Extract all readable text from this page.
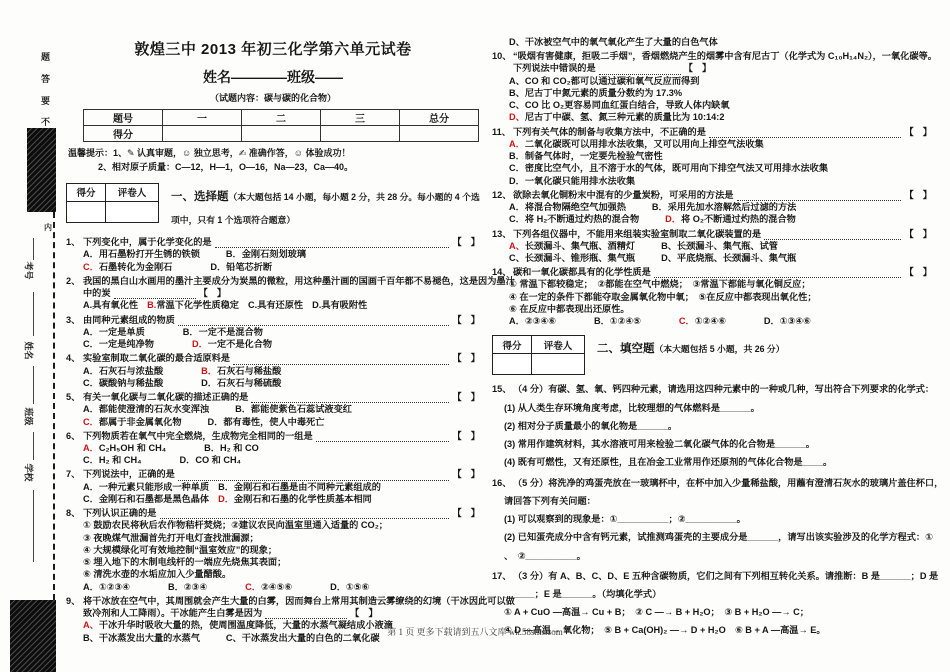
题
答
要
不
内
考号
姓名
班级
学校
敦煌三中 2013 年初三化学第六单元试卷
姓名————班级——
（试题内容：碳与碳的化合物）
题号	一	二	三	总分
得分				
温馨提示：1、✎ 认真审题，☺ 独立思考，✍ 准确作答，☺ 体验成功！
2、相对原子质量：C—12，H—1，O—16，Na—23，Ca—40。
得分	评卷人
	一、选择题（本大题包括 14 小题，每小题 2 分，共 28 分。每小题的 4 个选项中，只有 1 个选项符合题意）
1、 下列变化中，属于化学变化的是	【　】
A．用石墨粉打开生锈的铁锁	B．金刚石刻划玻璃
C．石墨转化为金刚石	D．铅笔芯折断
2、 我国的黑白山水画用的墨汁主要成分为炭黑的微粒，用这种墨汁画的国画千百年都不易褪色，这是因为墨汁
中的炭	【　】
A.具有氧化性 B.常温下化学性质稳定 C.具有还原性 D.具有吸附性
3、 由同种元素组成的物质	【　】
A．一定是单质	B．一定不是混合物
C．一定是纯净物	D．一定不是化合物
4、 实验室制取二氧化碳的最合适原料是	【　】
A．石灰石与浓盐酸	B．石灰石与稀盐酸
C．碳酸钠与稀盐酸	D．石灰石与稀硫酸
5、 有关一氧化碳与二氧化碳的描述正确的是	【　】
A．都能使澄清的石灰水变浑浊	B．都能使紫色石蕊试液变红
C．都属于非金属氧化物	D．都有毒性，使人中毒死亡
6、 下列物质若在氧气中完全燃烧，生成物完全相同的一组是	【　】
A．C₂H₅OH 和 CH₄	B．H₂ 和 CO
C．H₂ 和 CH₄	D．CO 和 CH₄
7、 下列说法中，正确的是	【　】
A．一种元素只能形成一种单质 B．金刚石和石墨是由不同种元素组成的
C．金刚石和石墨都是黑色晶体 D．金刚石和石墨的化学性质基本相同
8、 下列认识正确的是	【　】
① 鼓励农民将秋后农作物秸杆焚烧；②建议农民向温室里通入适量的 CO₂；
③ 夜晚煤气泄漏首先打开电灯查找泄漏源；
④ 大规模绿化可有效地控制“温室效应”的现象；
⑤ 埋入地下的木制电线杆的一端应先烧焦其表面；
⑥ 清洗水壶的水垢应加入少量醋酸。
A．①②③④	B．②③④	C．②④⑤⑥	D．①⑤⑥
9、 将干冰放在空气中，其周围就会产生大量的白雾，因而舞台上常用其制造云雾缭绕的幻境（干冰因此可以做
致冷剂和人工降雨）。干冰能产生白雾是因为	【　】
A、干冰升华时吸收大量的热，使周围温度降低，大量的水蒸气凝结成小液滴
B、干冰蒸发出大量的水蒸气	C、干冰蒸发出大量的白色的二氧化碳
D、干冰被空气中的氧气氧化产生了大量的白色气体
10、 “吸烟有害健康，拒吸二手烟”，香烟燃烧产生的烟雾中含有尼古丁（化学式为 C₁₀H₁₄N₂），一氧化碳等。
下列说法中错误的是	【　】
A、CO 和 CO₂都可以通过碳和氧气反应而得到
B、尼古丁中氮元素的质量分数约为 17.3%
C、CO 比 O₂更容易同血红蛋白结合，导致人体内缺氧
D、尼古丁中碳、氢、氮三种元素的质量比为 10:14:2
11、 下列有关气体的制备与收集方法中，不正确的是	【　】
A．二氧化碳既可以用排水法收集，又可以用向上排空气法收集
B．制备气体时，一定要先检验气密性
C．密度比空气小，且不溶于水的气体，既可用向下排空气法又可用排水法收集
D．一氧化碳只能用排水法收集
12、 欲除去氧化铜粉末中混有的少量炭粉，可采用的方法是	【　】
A．将混合物隔绝空气加强热	B．采用先加水溶解然后过滤的方法
C．将 H₂不断通过灼热的混合物	D．将 O₂不断通过灼热的混合物
13、 下列各组仪器中，不能用来组装实验室制取二氧化碳装置的是	【　】
A、长颈漏斗、集气瓶、酒精灯	B、长颈漏斗、集气瓶、试管
C、长颈漏斗、锥形瓶、集气瓶	D、平底烧瓶、长颈漏斗、集气瓶
14、 碳和一氧化碳都具有的化学性质是	【　】
① 常温下都较稳定；　②都能在空气中燃烧；　③常温下都能与氧化铜反应；
④ 在一定的条件下都能夺取金属氧化物中氧；　⑤在反应中都表现出氧化性；
⑥ 在反应中都表现出还原性。
A．②③④⑥	B．①②④⑤	C．①②④⑥	D．①③④⑥
得分	评卷人
	二、填空题（本大题包括 5 小题，共 26 分）
15、 （4 分）有碳、氢、氧、钙四种元素，请选用这四种元素中的一种或几种，写出符合下列要求的化学式：
(1) 从人类生存环境角度考虑，比较理想的气体燃料是______。
(2) 相对分子质量最小的氧化物是______。
(3) 常用作建筑材料，其水溶液可用来检验二氧化碳气体的化合物是______。
(4) 既有可燃性，又有还原性，且在冶金工业常用作还原剂的气体化合物是____。
16、 （5 分）将洗净的鸡蛋壳放在一玻璃杯中，在杯中加入少量稀盐酸，用蘸有澄清石灰水的玻璃片盖住杯口，
请回答下列有关问题：
(1) 可以观察到的现象是：①__________；②__________。
(2) 已知蛋壳成分中含有钙元素，试推测鸡蛋壳的主要成分是______，请写出该实验涉及的化学方程式：①
、　②__________。
17、 （3 分）有 A、B、C、D、E 五种含碳物质，它们之间有下列相互转化关系。请推断：B 是______；D 是
______；E 是______。（均填化学式）
① A + CuO —高温→ Cu + B；　② C —→ B + H₂O；　③ B + H₂O —→ C；
④ D —高温→ 氧化物；　⑤ B + Ca(OH)₂ —→ D + H₂O　⑥ B + A —高温→ E。
第 1 页 更多下载请到五八文库 wk.58sms.com
